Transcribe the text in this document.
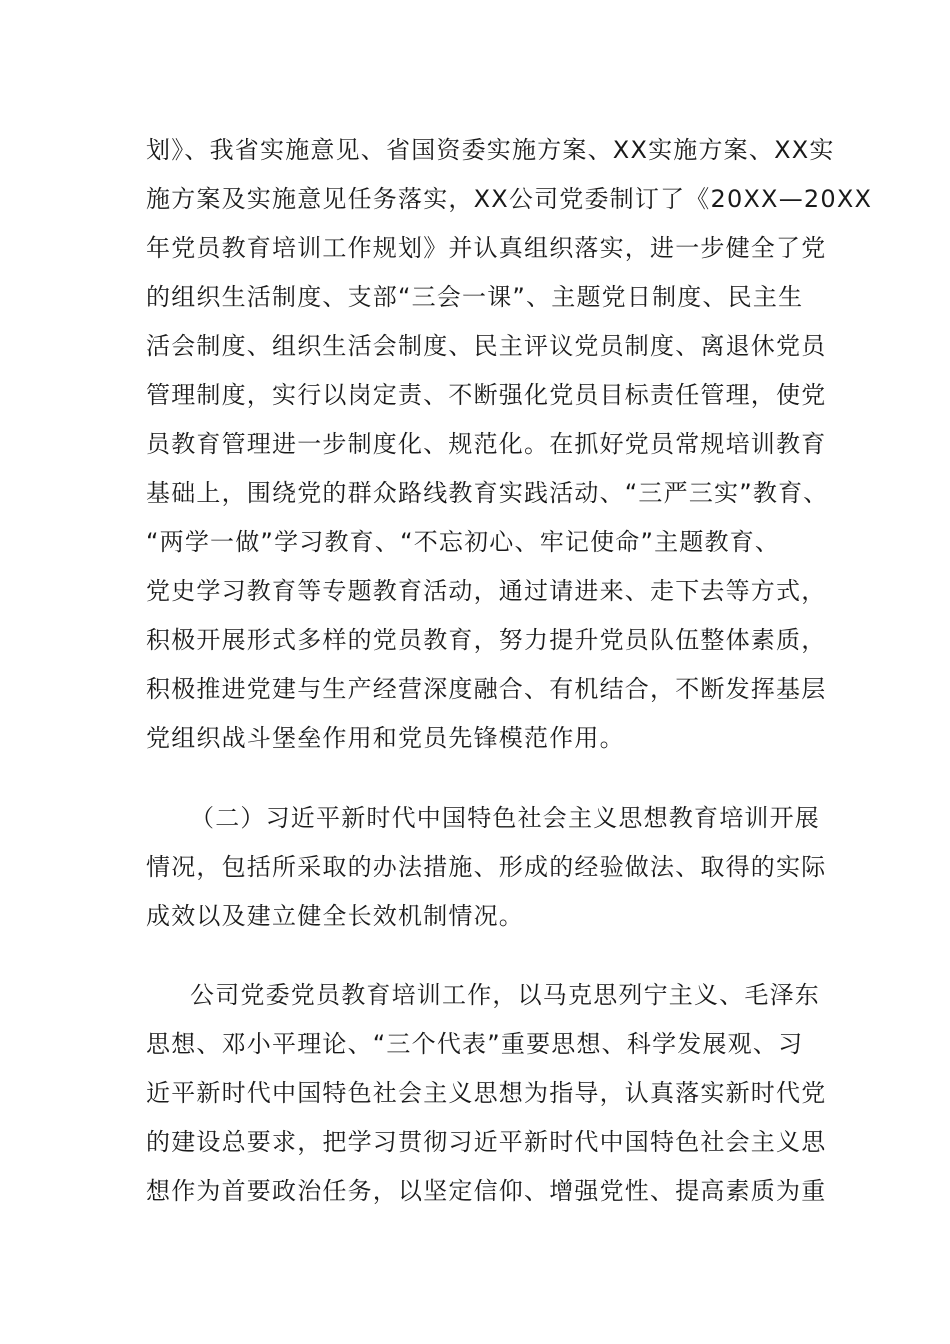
划》、我省实施意见、省国资委实施方案、XX实施方案、XX实
施方案及实施意见任务落实，XX公司党委制订了《20XX—20XX
年党员教育培训工作规划》并认真组织落实，进一步健全了党
的组织生活制度、支部“三会一课”、主题党日制度、民主生
活会制度、组织生活会制度、民主评议党员制度、离退休党员
管理制度，实行以岗定责、不断强化党员目标责任管理，使党
员教育管理进一步制度化、规范化。在抓好党员常规培训教育
基础上，围绕党的群众路线教育实践活动、“三严三实”教育、
“两学一做”学习教育、“不忘初心、牢记使命”主题教育、
党史学习教育等专题教育活动，通过请进来、走下去等方式，
积极开展形式多样的党员教育，努力提升党员队伍整体素质，
积极推进党建与生产经营深度融合、有机结合，不断发挥基层
党组织战斗堡垒作用和党员先锋模范作用。
（二）习近平新时代中国特色社会主义思想教育培训开展
情况，包括所采取的办法措施、形成的经验做法、取得的实际
成效以及建立健全长效机制情况。
公司党委党员教育培训工作，以马克思列宁主义、毛泽东
思想、邓小平理论、“三个代表”重要思想、科学发展观、习
近平新时代中国特色社会主义思想为指导，认真落实新时代党
的建设总要求，把学习贯彻习近平新时代中国特色社会主义思
想作为首要政治任务，以坚定信仰、增强党性、提高素质为重
